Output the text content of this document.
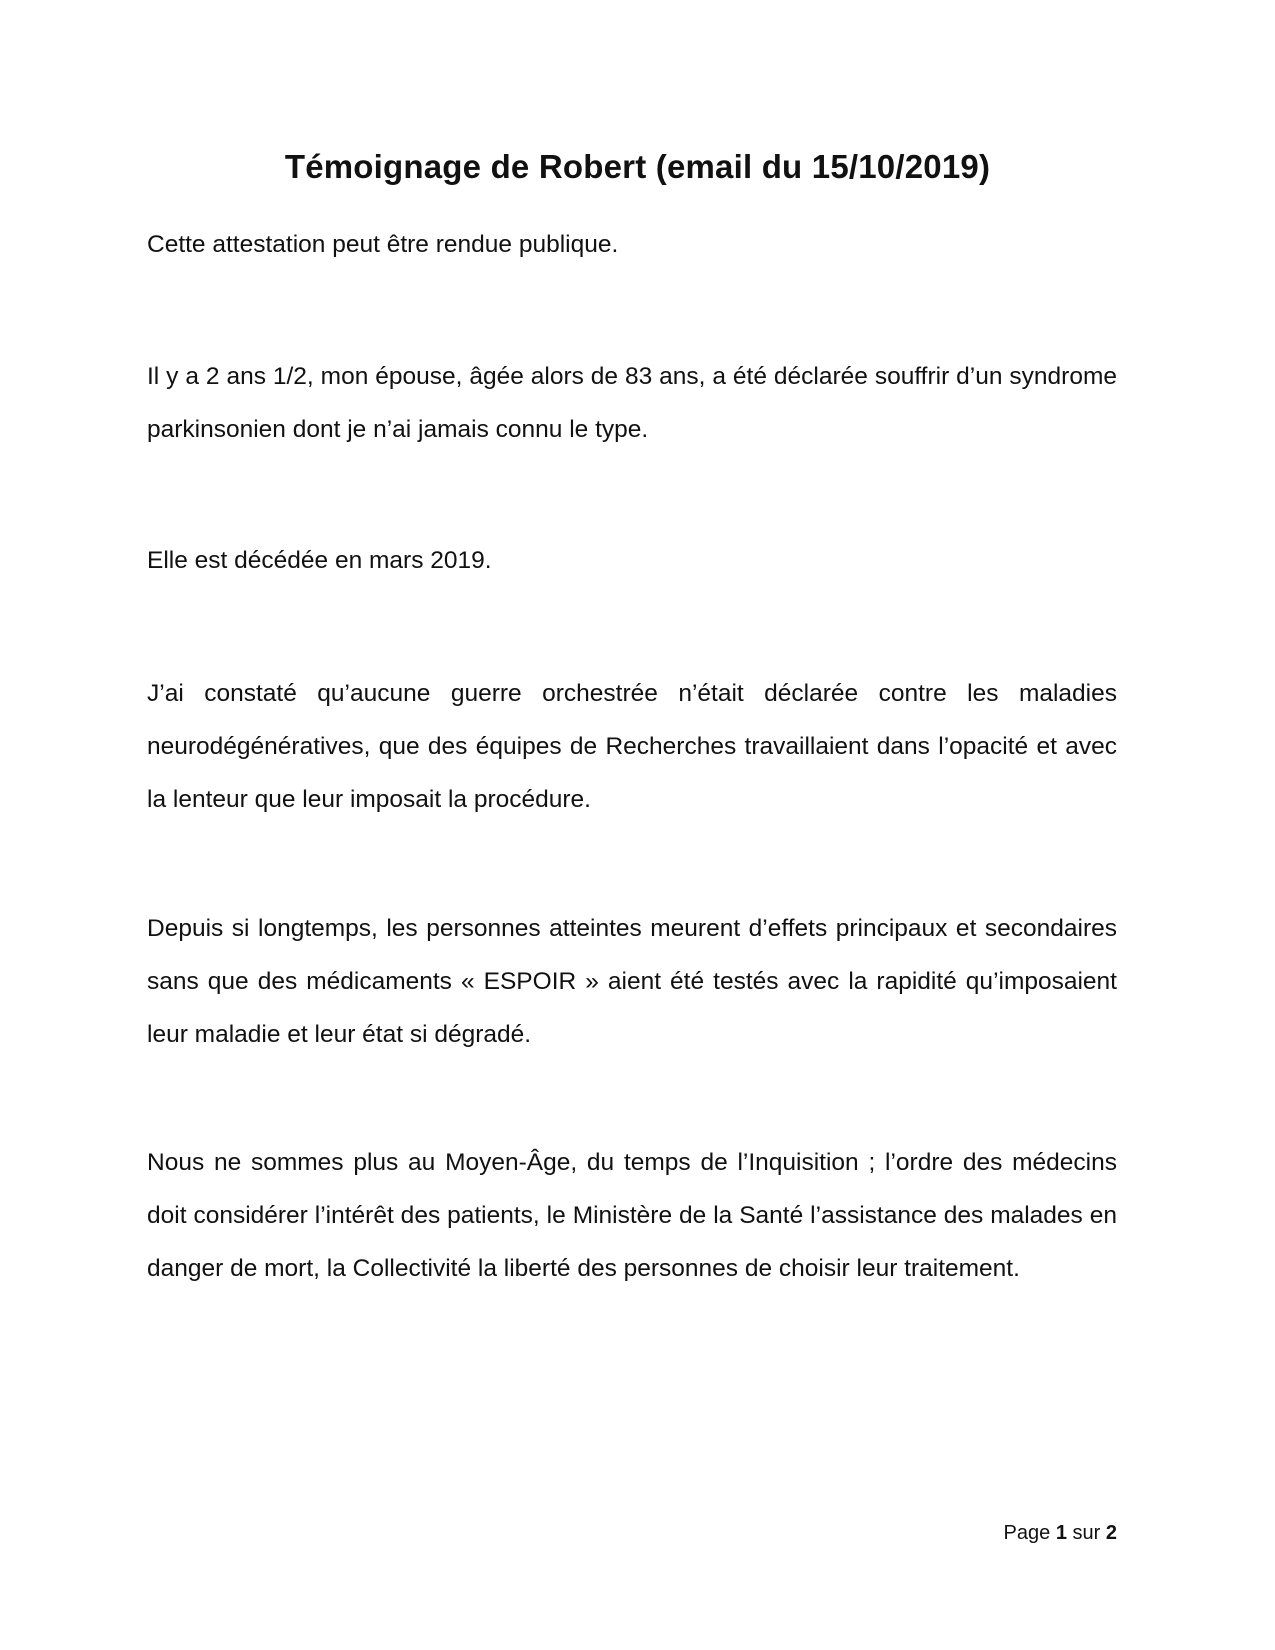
Témoignage de Robert (email du 15/10/2019)

Cette attestation peut être rendue publique.

Il y a 2 ans 1/2, mon épouse, âgée alors de 83 ans, a été déclarée souffrir d’un syndrome parkinsonien dont je n’ai jamais connu le type.

Elle est décédée en mars 2019.

J’ai constaté qu’aucune guerre orchestrée n’était déclarée contre les maladies neurodégénératives, que des équipes de Recherches travaillaient dans l’opacité et avec la lenteur que leur imposait la procédure.

Depuis si longtemps, les personnes atteintes meurent d’effets principaux et secondaires sans que des médicaments « ESPOIR » aient été testés avec la rapidité qu’imposaient leur maladie et leur état si dégradé.

Nous ne sommes plus au Moyen-Âge, du temps de l’Inquisition ; l’ordre des médecins doit considérer l’intérêt des patients, le Ministère de la Santé l’assistance des malades en danger de mort, la Collectivité la liberté des personnes de choisir leur traitement.

Page 1 sur 2
